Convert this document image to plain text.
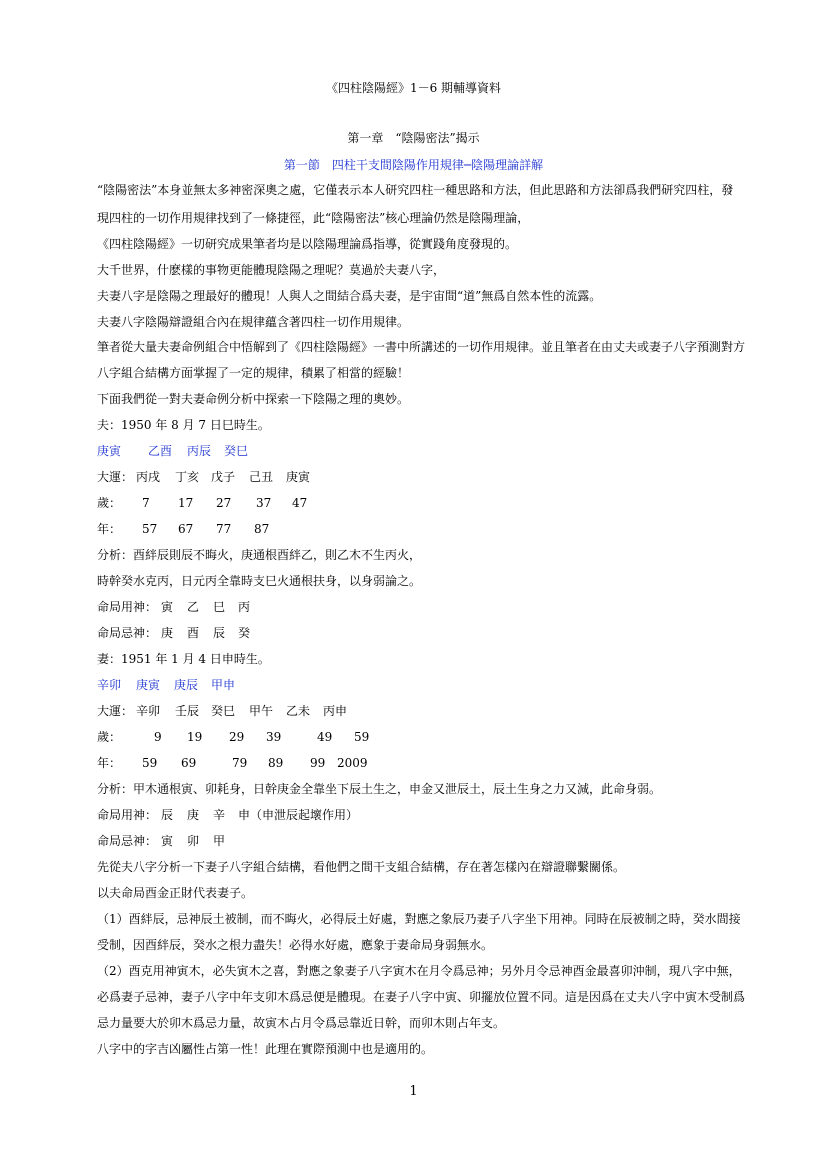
《四柱陰陽經》1－6 期輔導資料
第一章　“陰陽密法”揭示
第一節　四柱干支間陰陽作用規律─陰陽理論詳解
“陰陽密法”本身並無太多神密深奧之處，它僅表示本人研究四柱一種思路和方法，但此思路和方法卻爲我們研究四柱，發
現四柱的一切作用規律找到了一條捷徑，此“陰陽密法”核心理論仍然是陰陽理論，
《四柱陰陽經》一切研究成果筆者均是以陰陽理論爲指導，從實踐角度發現的。
大千世界，什麽樣的事物更能體現陰陽之理呢？莫過於夫妻八字，
夫妻八字是陰陽之理最好的體現！人與人之間結合爲夫妻，是宇宙間“道”無爲自然本性的流露。
夫妻八字陰陽辯證組合內在規律蘊含著四柱一切作用規律。
筆者從大量夫妻命例組合中悟解到了《四柱陰陽經》一書中所講述的一切作用規律。並且筆者在由丈夫或妻子八字預測對方
八字組合結構方面掌握了一定的規律，積累了相當的經驗！
下面我們從一對夫妻命例分析中探索一下陰陽之理的奧妙。
夫：1950 年 8 月 7 日巳時生。
庚寅 乙酉 丙辰 癸巳
大運： 丙戌 丁亥 戊子 己丑 庚寅
歲： 7 17 27 37 47
年： 57 67 77 87
分析：酉絆辰則辰不晦火，庚通根酉絆乙，則乙木不生丙火，
時幹癸水克丙，日元丙全靠時支巳火通根扶身，以身弱論之。
命局用神： 寅 乙 巳 丙
命局忌神： 庚 酉 辰 癸
妻：1951 年 1 月 4 日申時生。
辛卯 庚寅 庚辰 甲申
大運： 辛卯 壬辰 癸巳 甲午 乙未 丙申
歲：	9 19 29 39	49 59
年： 59 69	79 89 99 2009
分析：甲木通根寅、卯耗身，日幹庚金全靠坐下辰土生之，申金又泄辰土，辰土生身之力又減，此命身弱。
命局用神： 辰 庚 辛 申（申泄辰起壞作用）
命局忌神： 寅 卯 甲
先從夫八字分析一下妻子八字組合結構，看他們之間干支組合結構，存在著怎樣內在辯證聯繫關係。
以夫命局酉金正財代表妻子。
（1）酉絆辰，忌神辰土被制，而不晦火，必得辰土好處，對應之象辰乃妻子八字坐下用神。同時在辰被制之時，癸水間接
受制，因酉絆辰，癸水之根力盡失！必得水好處，應象于妻命局身弱無水。
（2）酉克用神寅木，必失寅木之喜，對應之象妻子八字寅木在月令爲忌神；另外月令忌神酉金最喜卯沖制，現八字中無，
必爲妻子忌神，妻子八字中年支卯木爲忌便是體現。在妻子八字中寅、卯擺放位置不同。這是因爲在丈夫八字中寅木受制爲
忌力量要大於卯木爲忌力量，故寅木占月令爲忌靠近日幹，而卯木則占年支。
八字中的字吉凶屬性占第一性！此理在實際預測中也是適用的。
1
